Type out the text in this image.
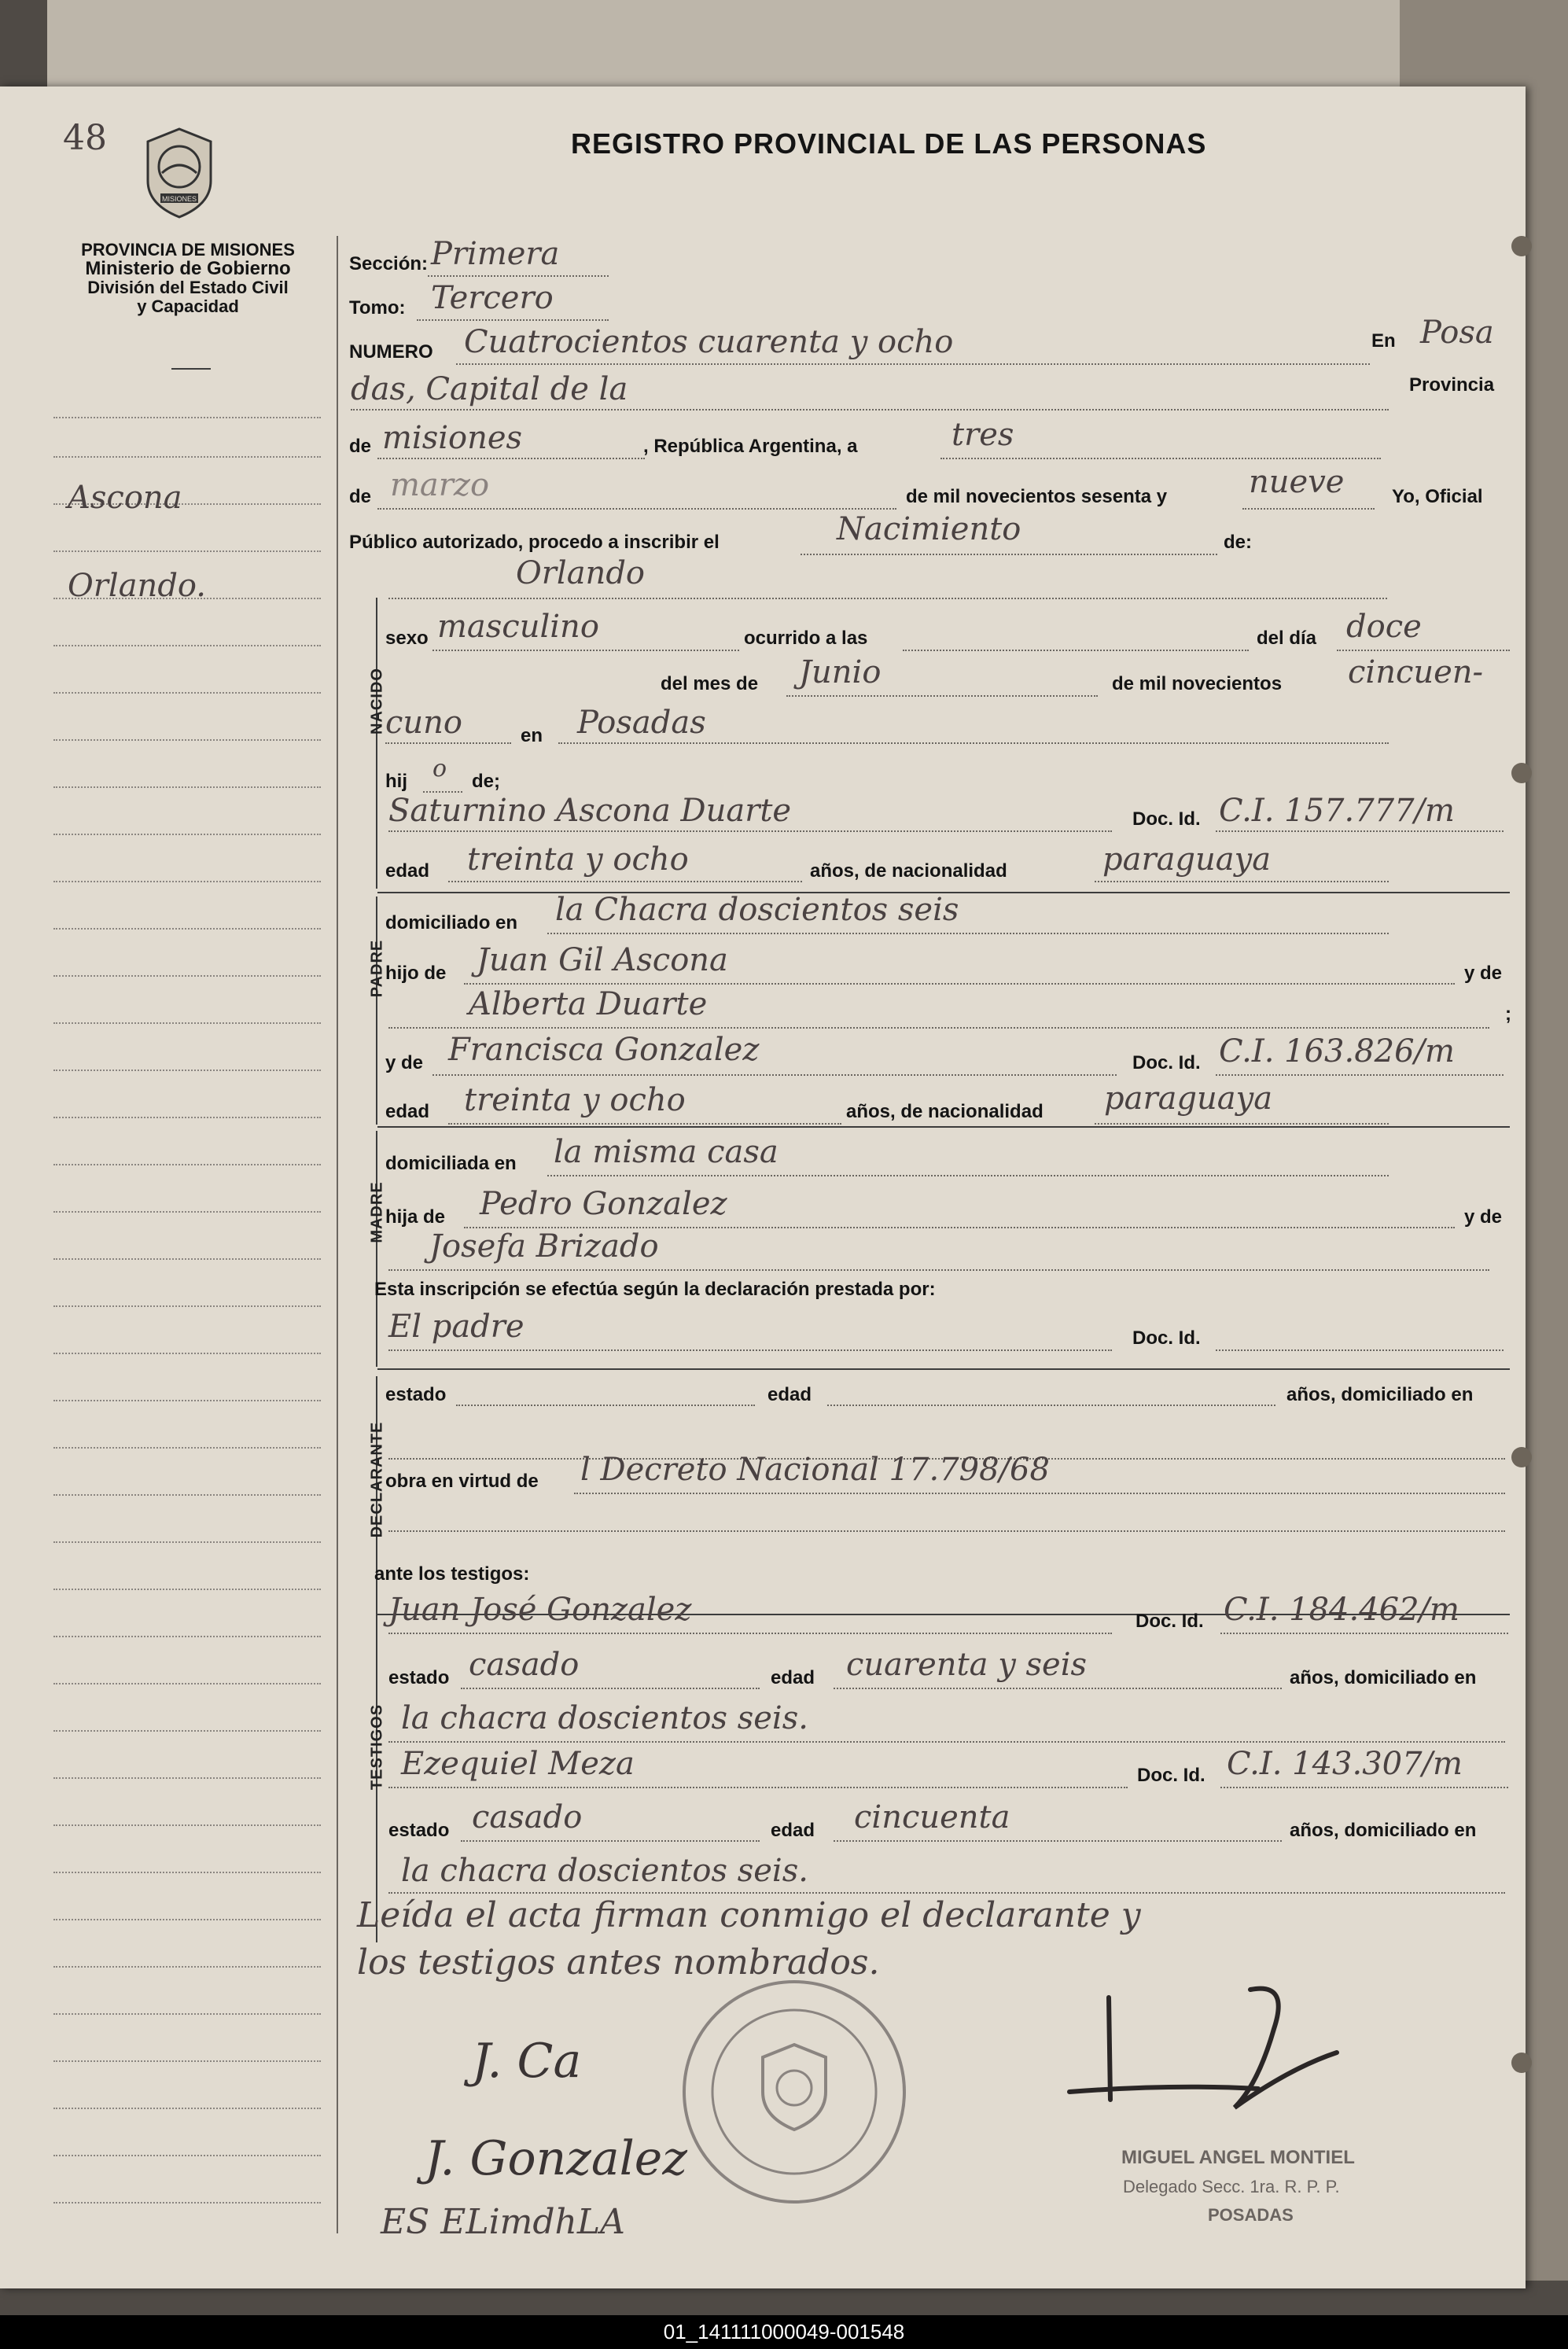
48
MISIONES
REGISTRO PROVINCIAL DE LAS PERSONAS
PROVINCIA DE MISIONES
Ministerio de Gobierno
División del Estado Civil
y Capacidad
Ascona
Orlando.
Sección: Primera
Tomo: Tercero
NUMERO Cuatrocientos cuarenta y ocho	En Posa
das, Capital de la	Provincia
de misiones	, República Argentina, a	tres
de marzo	de mil novecientos sesenta y	nueve	Yo, Oficial
Público autorizado, procedo a inscribir el	Nacimiento	de:
NACIDO
Orlando
sexo masculino	ocurrido a las	del día doce
del mes de Junio	de mil novecientos cincuen-
cuno	en Posadas
hij o de;
PADRE
Saturnino Ascona Duarte	Doc. Id. C.I. 157.777/m
edad treinta y ocho	años, de nacionalidad	paraguaya
domiciliado en la Chacra doscientos seis
hijo de Juan Gil Ascona	y de
Alberta Duarte	;
MADRE
y de Francisca Gonzalez	Doc. Id. C.I. 163.826/m
edad treinta y ocho	años, de nacionalidad paraguaya
domiciliada en la misma casa
hija de Pedro Gonzalez	y de
Josefa Brizado
Esta inscripción se efectúa según la declaración prestada por:
DECLARANTE
El padre	Doc. Id.
estado	edad	años, domiciliado en
obra en virtud de l Decreto Nacional 17.798/68
ante los testigos:
TESTIGOS
Juan José Gonzalez	Doc. Id. C.I. 184.462/m
estado casado	edad cuarenta y seis	años, domiciliado en
la chacra doscientos seis.
Ezequiel Meza	Doc. Id. C.I. 143.307/m
estado casado	edad cincuenta	años, domiciliado en
la chacra doscientos seis.
Leída el acta firman conmigo el declarante y
los testigos antes nombrados.
J. Ca
J. Gonzalez
ES ELimdhLA
MIGUEL ANGEL MONTIEL
Delegado Secc. 1ra. R. P. P.
POSADAS
01_141111000049-001548
